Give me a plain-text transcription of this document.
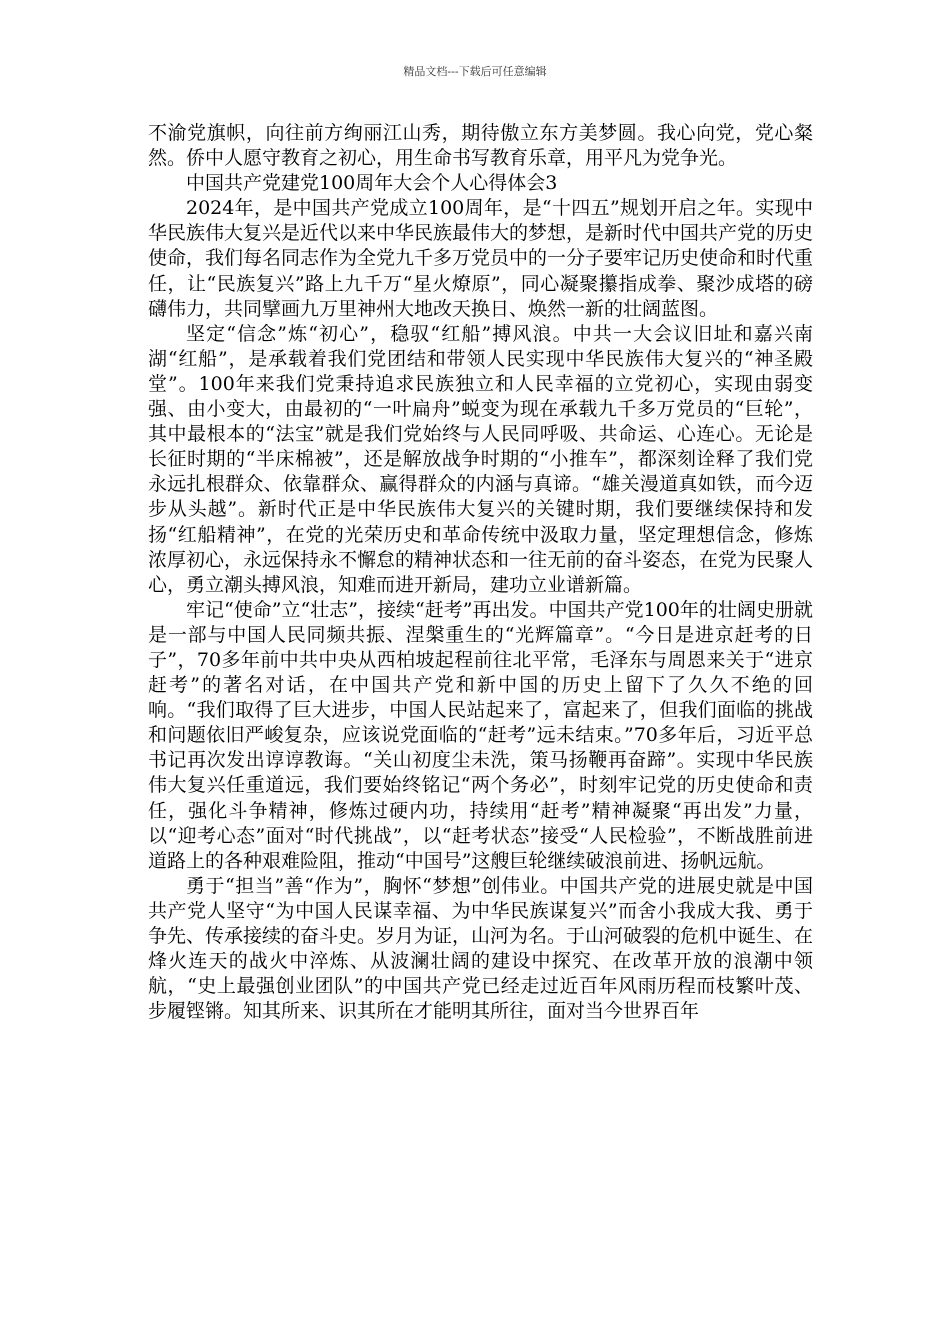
精品文档---下载后可任意编辑

不渝党旗帜，向往前方绚丽江山秀，期待傲立东方美梦圆。我心向党，党心粲然。侨中人愿守教育之初心，用生命书写教育乐章，用平凡为党争光。

中国共产党建党100周年大会个人心得体会3

2024年，是中国共产党成立100周年，是“十四五”规划开启之年。实现中华民族伟大复兴是近代以来中华民族最伟大的梦想，是新时代中国共产党的历史使命，我们每名同志作为全党九千多万党员中的一分子要牢记历史使命和时代重任，让“民族复兴”路上九千万“星火燎原”，同心凝聚攥指成拳、聚沙成塔的磅礴伟力，共同擘画九万里神州大地改天换日、焕然一新的壮阔蓝图。

坚定“信念”炼“初心”，稳驭“红船”搏风浪。中共一大会议旧址和嘉兴南湖“红船”，是承载着我们党团结和带领人民实现中华民族伟大复兴的“神圣殿堂”。100年来我们党秉持追求民族独立和人民幸福的立党初心，实现由弱变强、由小变大，由最初的“一叶扁舟”蜕变为现在承载九千多万党员的“巨轮”，其中最根本的“法宝”就是我们党始终与人民同呼吸、共命运、心连心。无论是长征时期的“半床棉被”，还是解放战争时期的“小推车”，都深刻诠释了我们党永远扎根群众、依靠群众、赢得群众的内涵与真谛。“雄关漫道真如铁，而今迈步从头越”。新时代正是中华民族伟大复兴的关键时期，我们要继续保持和发扬“红船精神”，在党的光荣历史和革命传统中汲取力量，坚定理想信念，修炼浓厚初心，永远保持永不懈怠的精神状态和一往无前的奋斗姿态，在党为民聚人心，勇立潮头搏风浪，知难而进开新局，建功立业谱新篇。

牢记“使命”立“壮志”，接续“赶考”再出发。中国共产党100年的壮阔史册就是一部与中国人民同频共振、涅槃重生的“光辉篇章”。“今日是进京赶考的日子”，70多年前中共中央从西柏坡起程前往北平常，毛泽东与周恩来关于“进京赶考”的著名对话，在中国共产党和新中国的历史上留下了久久不绝的回响。“我们取得了巨大进步，中国人民站起来了，富起来了，但我们面临的挑战和问题依旧严峻复杂，应该说党面临的“赶考”远未结束。”70多年后，习近平总书记再次发出谆谆教诲。“关山初度尘未洗，策马扬鞭再奋蹄”。实现中华民族伟大复兴任重道远，我们要始终铭记“两个务必”，时刻牢记党的历史使命和责任，强化斗争精神，修炼过硬内功，持续用“赶考”精神凝聚“再出发”力量，以“迎考心态”面对“时代挑战”，以“赶考状态”接受“人民检验”，不断战胜前进道路上的各种艰难险阻，推动“中国号”这艘巨轮继续破浪前进、扬帆远航。

勇于“担当”善“作为”，胸怀“梦想”创伟业。中国共产党的进展史就是中国共产党人坚守“为中国人民谋幸福、为中华民族谋复兴”而舍小我成大我、勇于争先、传承接续的奋斗史。岁月为证，山河为名。于山河破裂的危机中诞生、在烽火连天的战火中淬炼、从波澜壮阔的建设中探究、在改革开放的浪潮中领航，“史上最强创业团队”的中国共产党已经走过近百年风雨历程而枝繁叶茂、步履铿锵。知其所来、识其所在才能明其所往，面对当今世界百年
